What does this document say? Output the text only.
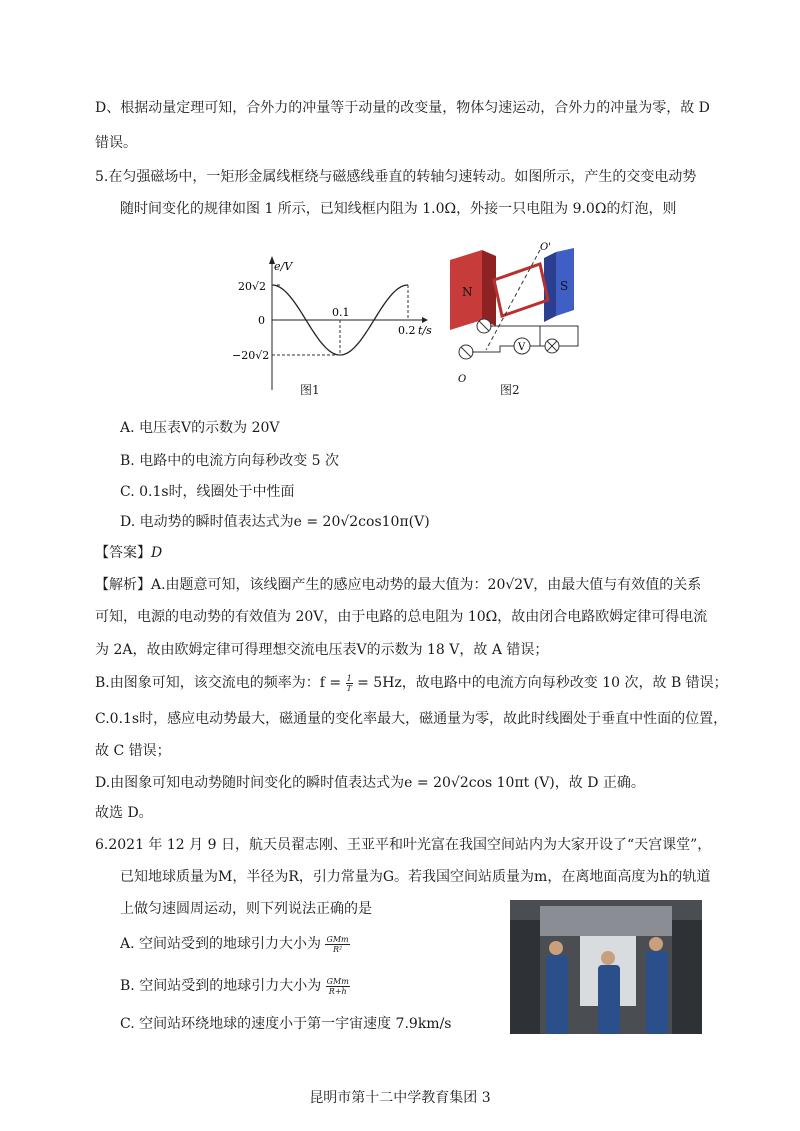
D、根据动量定理可知，合外力的冲量等于动量的改变量，物体匀速运动，合外力的冲量为零，故 D
错误。
5.在匀强磁场中，一矩形金属线框绕与磁感线垂直的转轴匀速转动。如图所示，产生的交变电动势
随时间变化的规律如图 1 所示，已知线框内阻为 1.0Ω，外接一只电阻为 9.0Ω的灯泡，则
e/V
t/s
20√2
0
−20√2
0.1
0.2
图1
N	S
O'
O
V
图2
A. 电压表V的示数为 20V
B. 电路中的电流方向每秒改变 5 次
C. 0.1s时，线圈处于中性面
D. 电动势的瞬时值表达式为e = 20√2cos10π(V)
【答案】D
【解析】A.由题意可知，该线圈产生的感应电动势的最大值为：20√2V，由最大值与有效值的关系
可知，电源的电动势的有效值为 20V，由于电路的总电阻为 10Ω，故由闭合电路欧姆定律可得电流
为 2A，故由欧姆定律可得理想交流电压表V的示数为 18 V，故 A 错误；
B.由图象可知，该交流电的频率为：$f = \frac{1}{T} = 5Hz$，故电路中的电流方向每秒改变 10 次，故 B 错误；
C.0.1s时，感应电动势最大，磁通量的变化率最大，磁通量为零，故此时线圈处于垂直中性面的位置，
故 C 错误；
D.由图象可知电动势随时间变化的瞬时值表达式为e = 20√2cos 10πt (V)，故 D 正确。
故选 D。
6.2021 年 12 月 9 日，航天员翟志刚、王亚平和叶光富在我国空间站内为大家开设了“天宫课堂”，
已知地球质量为M，半径为R，引力常量为G。若我国空间站质量为m，在离地面高度为h的轨道
上做匀速圆周运动，则下列说法正确的是
A. 空间站受到的地球引力大小为 $\frac{\text{GMm}}{\text{R²}}$
B. 空间站受到的地球引力大小为 $\frac{\text{GMm}}{R+h}$
C. 空间站环绕地球的速度小于第一宇宙速度 7.9km/s
昆明市第十二中学教育集团 3
